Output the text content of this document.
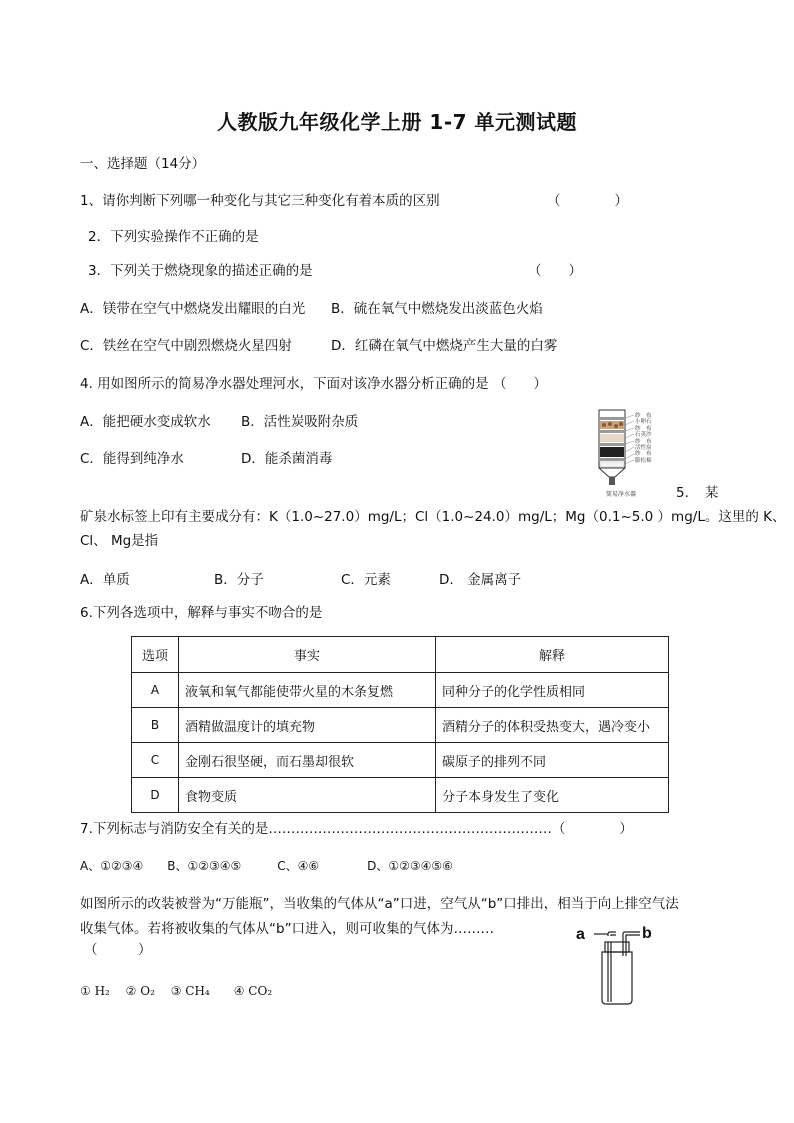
人教版九年级化学上册 1-7 单元测试题
一、选择题（14分）
1、请你判断下列哪一种变化与其它三种变化有着本质的区别	（　　　　）
2．下列实验操作不正确的是
3．下列关于燃烧现象的描述正确的是	（　　）
A．镁带在空气中燃烧发出耀眼的白光 B．硫在氧气中燃烧发出淡蓝色火焰
C．铁丝在空气中剧烈燃烧火星四射	D．红磷在氧气中燃烧产生大量的白雾
4. 用如图所示的简易净水器处理河水，下面对该净水器分析正确的是 （　　）
A．能把硬水变成软水 B．活性炭吸附杂质
C．能得到纯净水	D．能杀菌消毒
纱　布
小卵石
纱　布
石英沙
纱　布
活性炭
纱　布
膨松棉
简易净水器	5．　某
矿泉水标签上印有主要成分有：K（1.0~27.0）mg/L；Cl（1.0~24.0）mg/L；Mg（0.1~5.0 ）mg/L。这里的 K、
Cl、 Mg是指
A．单质	B．分子	C．元素	D.　金属离子
6.下列各选项中，解释与事实不吻合的是
选项	事实	解释
A	液氧和氧气都能使带火星的木条复燃	同种分子的化学性质相同
B	酒精做温度计的填充物	酒精分子的体积受热变大，遇冷变小
C	金刚石很坚硬，而石墨却很软	碳原子的排列不同
D	食物变质	分子本身发生了变化
7.下列标志与消防安全有关的是………………………………………………………（　　　　）
A、①②③④　　B、①②③④⑤　　　C、④⑥　　　　D、①②③④⑤⑥
如图所示的改装被誉为“万能瓶”，当收集的气体从“a”口进，空气从“b”口排出，相当于向上排空气法
收集气体。若将被收集的气体从“b”口进入，则可收集的气体为………
（　　　）
① H₂　 ② O₂　 ③ CH₄　　④ CO₂
a	b
